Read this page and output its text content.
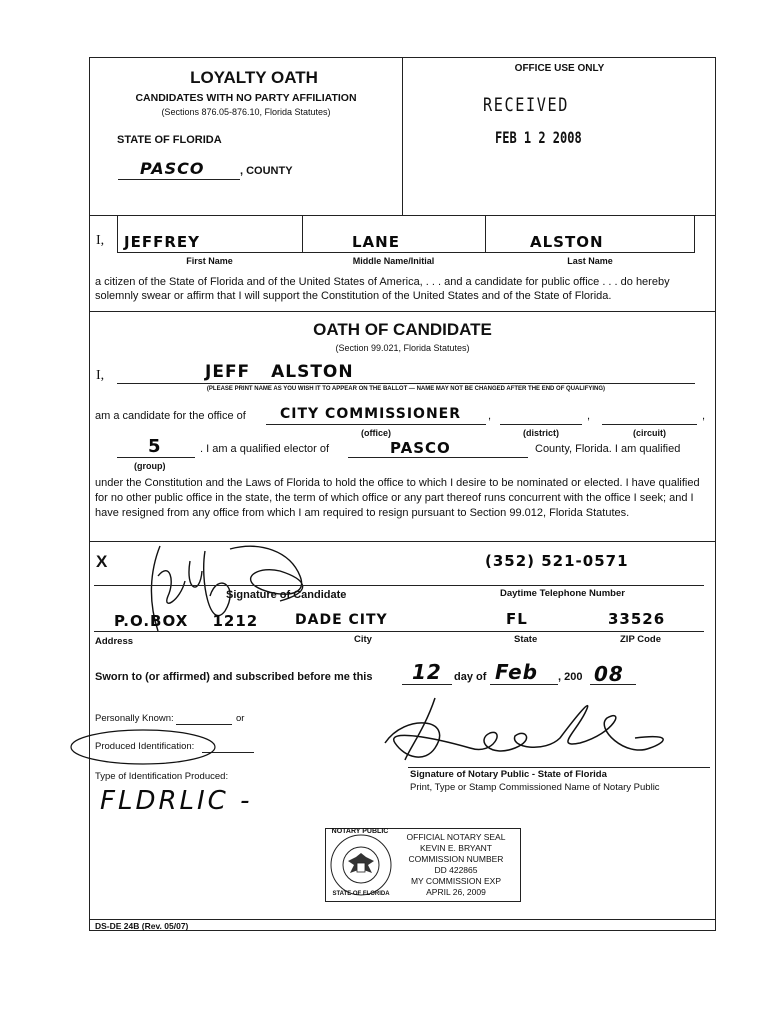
LOYALTY OATH
CANDIDATES WITH NO PARTY AFFILIATION
(Sections 876.05-876.10, Florida Statutes)
STATE OF FLORIDA
PASCO	, COUNTY
OFFICE USE ONLY
RECEIVED
FEB 1 2 2008
I, JEFFREY	LANE	ALSTON
First Name	Middle Name/Initial	Last Name
a citizen of the State of Florida and of the United States of America, . . . and a candidate for public office . . . do hereby solemnly swear or affirm that I will support the Constitution of the United States and of the State of Florida.
OATH OF CANDIDATE
(Section 99.021, Florida Statutes)
I,	JEFF ALSTON
(PLEASE PRINT NAME AS YOU WISH IT TO APPEAR ON THE BALLOT — NAME MAY NOT BE CHANGED AFTER THE END OF QUALIFYING)
am a candidate for the office of CITY COMMISSIONER ,	,	,
(office)	(district)	(circuit)
5	. I am a qualified elector of	PASCO	County, Florida. I am qualified
(group)
under the Constitution and the Laws of Florida to hold the office to which I desire to be nominated or elected. I have qualified for no other public office in the state, the term of which office or any part thereof runs concurrent with the office I seek; and I have resigned from any office from which I am required to resign pursuant to Section 99.012, Florida Statutes.
X	(352) 521-0571
Signature of Candidate	Daytime Telephone Number
P.O.BOX 1212	DADE CITY	FL	33526
Address	City	State	ZIP Code
Sworn to (or affirmed) and subscribed before me this 12 day of Feb , 200 08
Personally Known:	or
Produced Identification:
Type of Identification Produced:
FLDRLIC -
Signature of Notary Public - State of Florida
Print, Type or Stamp Commissioned Name of Notary Public
NOTARY PUBLIC
STATE OF FLORIDA
OFFICIAL NOTARY SEAL
KEVIN E. BRYANT
COMMISSION NUMBER
DD 422865
MY COMMISSION EXP
APRIL 26, 2009
DS-DE 24B (Rev. 05/07)
